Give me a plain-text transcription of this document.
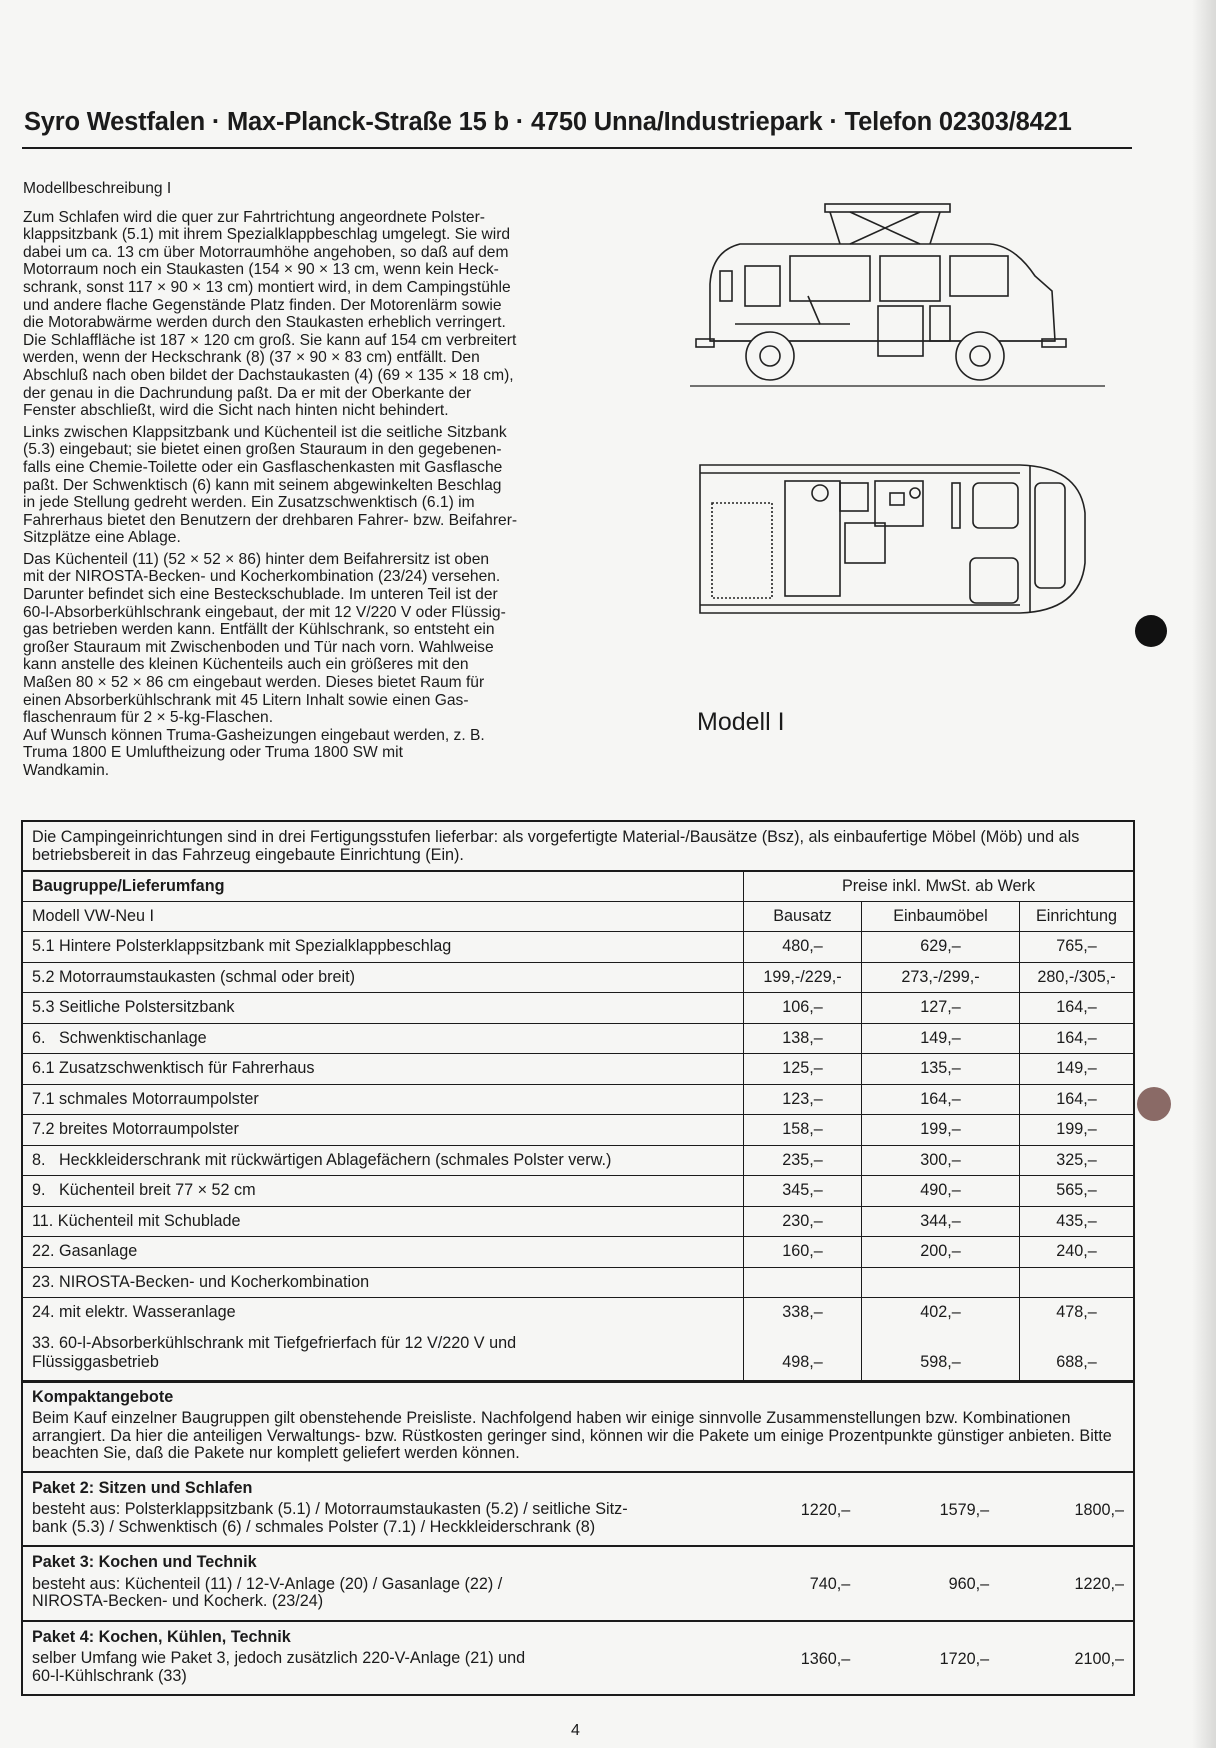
Syro Westfalen · Max-Planck-Straße 15 b · 4750 Unna/Industriepark · Telefon 02303/8421

Modellbeschreibung I

Zum Schlafen wird die quer zur Fahrtrichtung angeordnete Polster-
klappsitzbank (5.1) mit ihrem Spezialklappbeschlag umgelegt. Sie wird
dabei um ca. 13 cm über Motorraumhöhe angehoben, so daß auf dem
Motorraum noch ein Staukasten (154 × 90 × 13 cm, wenn kein Heck-
schrank, sonst 117 × 90 × 13 cm) montiert wird, in dem Campingstühle
und andere flache Gegenstände Platz finden. Der Motorenlärm sowie
die Motorabwärme werden durch den Staukasten erheblich verringert.
Die Schlaffläche ist 187 × 120 cm groß. Sie kann auf 154 cm verbreitert
werden, wenn der Heckschrank (8) (37 × 90 × 83 cm) entfällt. Den
Abschluß nach oben bildet der Dachstaukasten (4) (69 × 135 × 18 cm),
der genau in die Dachrundung paßt. Da er mit der Oberkante der
Fenster abschließt, wird die Sicht nach hinten nicht behindert.

Links zwischen Klappsitzbank und Küchenteil ist die seitliche Sitzbank
(5.3) eingebaut; sie bietet einen großen Stauraum in den gegebenen-
falls eine Chemie-Toilette oder ein Gasflaschenkasten mit Gasflasche
paßt. Der Schwenktisch (6) kann mit seinem abgewinkelten Beschlag
in jede Stellung gedreht werden. Ein Zusatzschwenktisch (6.1) im
Fahrerhaus bietet den Benutzern der drehbaren Fahrer- bzw. Beifahrer-
Sitzplätze eine Ablage.

Das Küchenteil (11) (52 × 52 × 86) hinter dem Beifahrersitz ist oben
mit der NIROSTA-Becken- und Kocherkombination (23/24) versehen.
Darunter befindet sich eine Besteckschublade. Im unteren Teil ist der
60-l-Absorberkühlschrank eingebaut, der mit 12 V/220 V oder Flüssig-
gas betrieben werden kann. Entfällt der Kühlschrank, so entsteht ein
großer Stauraum mit Zwischenboden und Tür nach vorn. Wahlweise
kann anstelle des kleinen Küchenteils auch ein größeres mit den
Maßen 80 × 52 × 86 cm eingebaut werden. Dieses bietet Raum für
einen Absorberkühlschrank mit 45 Litern Inhalt sowie einen Gas-
flaschenraum für 2 × 5-kg-Flaschen.
Auf Wunsch können Truma-Gasheizungen eingebaut werden, z. B.
Truma 1800 E Umluftheizung oder Truma 1800 SW mit
Wandkamin.

Modell I
Die Campingeinrichtungen sind in drei Fertigungsstufen lieferbar: als vorgefertigte Material-/Bausätze (Bsz), als einbaufertige Möbel (Möb) und als betriebsbereit in das Fahrzeug eingebaute Einrichtung (Ein).
Baugruppe/Lieferumfang	Preise inkl. MwSt. ab Werk
Modell VW-Neu I	Bausatz	Einbaumöbel	Einrichtung
5.1 Hintere Polsterklappsitzbank mit Spezialklappbeschlag	480,–	629,–	765,–
5.2 Motorraumstaukasten (schmal oder breit)	199,-/229,-	273,-/299,-	280,-/305,-
5.3 Seitliche Polstersitzbank	106,–	127,–	164,–
6.   Schwenktischanlage	138,–	149,–	164,–
6.1 Zusatzschwenktisch für Fahrerhaus	125,–	135,–	149,–
7.1 schmales Motorraumpolster	123,–	164,–	164,–
7.2 breites Motorraumpolster	158,–	199,–	199,–
8.   Heckkleiderschrank mit rückwärtigen Ablagefächern (schmales Polster verw.)	235,–	300,–	325,–
9.   Küchenteil breit 77 × 52 cm	345,–	490,–	565,–
11. Küchenteil mit Schublade	230,–	344,–	435,–
22. Gasanlage	160,–	200,–	240,–
23. NIROSTA-Becken- und Kocherkombination
24. mit elektr. Wasseranlage	338,–	402,–	478,–
33. 60-l-Absorberkühlschrank mit Tiefgefrierfach für 12 V/220 V und
Flüssiggasbetrieb	498,–	598,–	688,–
Kompaktangebote
Beim Kauf einzelner Baugruppen gilt obenstehende Preisliste. Nachfolgend haben wir einige sinnvolle Zusammenstellungen bzw. Kombinationen arrangiert. Da hier die anteiligen Verwaltungs- bzw. Rüstkosten geringer sind, können wir die Pakete um einige Prozentpunkte günstiger anbieten. Bitte beachten Sie, daß die Pakete nur komplett geliefert werden können.
Paket 2: Sitzen und Schlafen
besteht aus: Polsterklappsitzbank (5.1) / Motorraumstaukasten (5.2) / seitliche Sitz-
bank (5.3) / Schwenktisch (6) / schmales Polster (7.1) / Heckkleiderschrank (8)
1220,–	1579,–	1800,–
Paket 3: Kochen und Technik
besteht aus: Küchenteil (11) / 12-V-Anlage (20) / Gasanlage (22) /
NIROSTA-Becken- und Kocherk. (23/24)
740,–	960,–	1220,–
Paket 4: Kochen, Kühlen, Technik
selber Umfang wie Paket 3, jedoch zusätzlich 220-V-Anlage (21) und
60-l-Kühlschrank (33)
1360,–	1720,–	2100,–
4
